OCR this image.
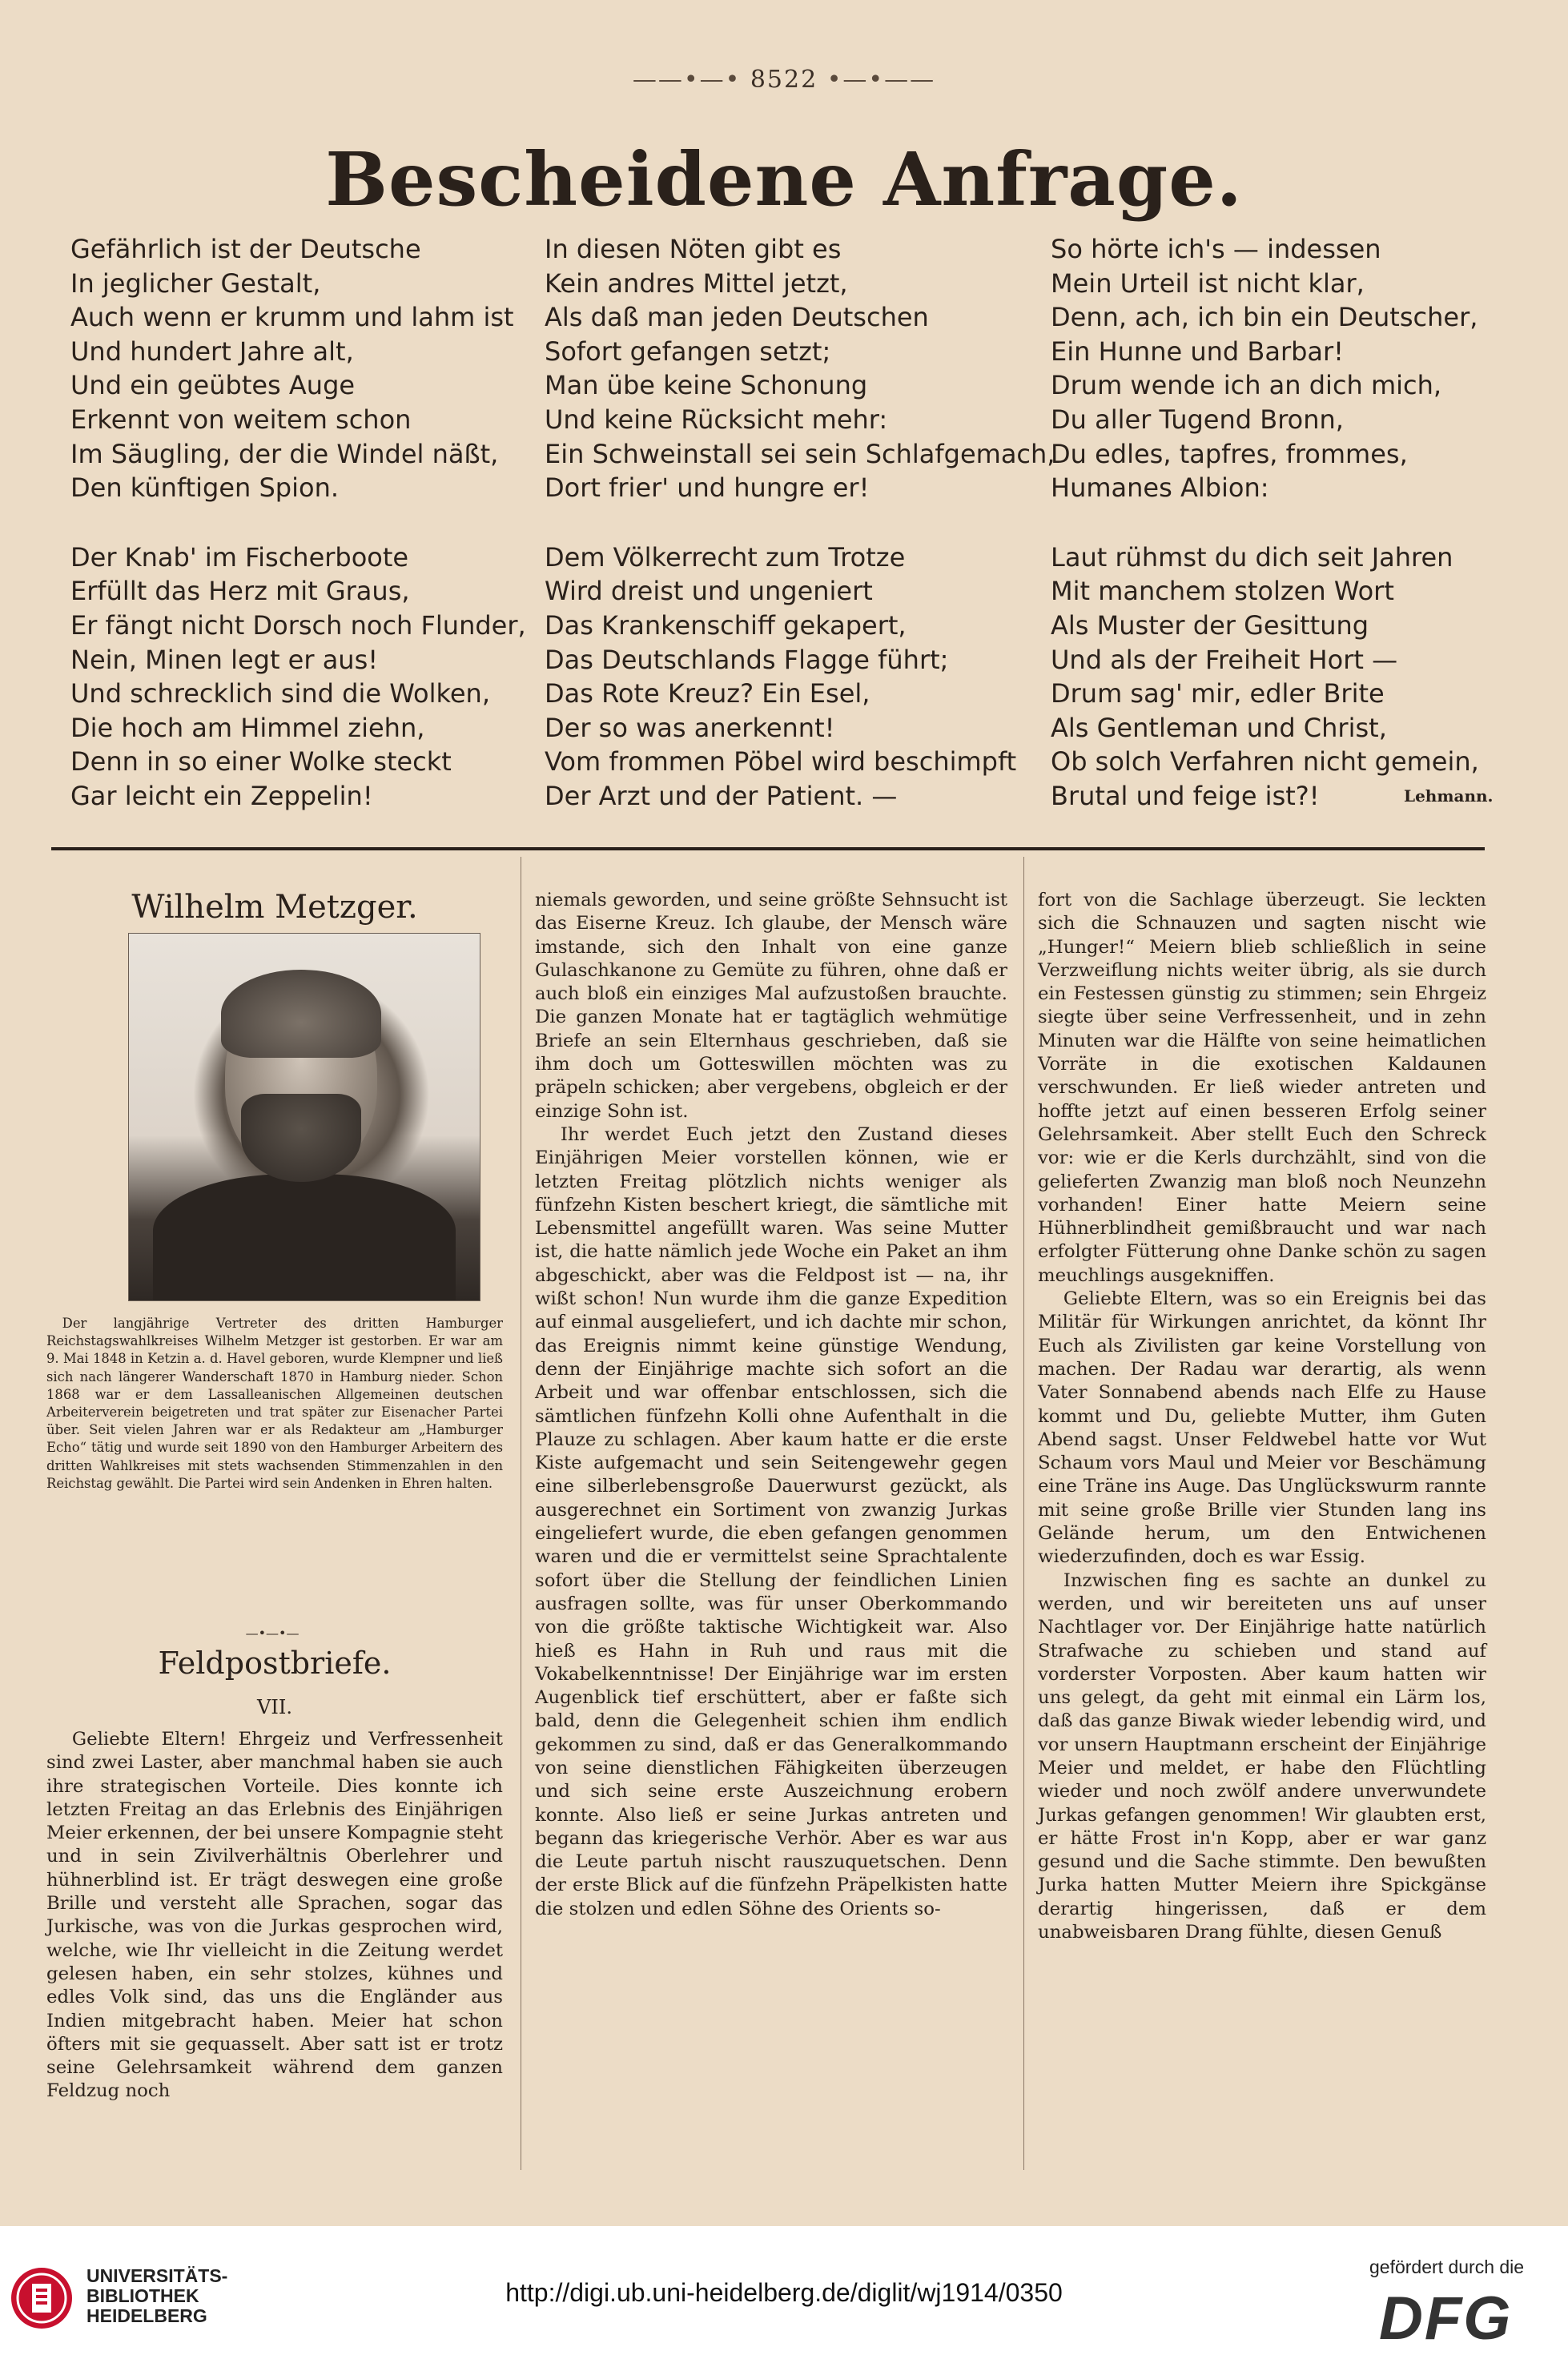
——•—• 8522 •—•——
Bescheidene Anfrage.
Gefährlich ist der Deutsche
In jeglicher Gestalt,
Auch wenn er krumm und lahm ist
Und hundert Jahre alt,
Und ein geübtes Auge
Erkennt von weitem schon
Im Säugling, der die Windel näßt,
Den künftigen Spion.
Der Knab' im Fischerboote
Erfüllt das Herz mit Graus,
Er fängt nicht Dorsch noch Flunder,
Nein, Minen legt er aus!
Und schrecklich sind die Wolken,
Die hoch am Himmel ziehn,
Denn in so einer Wolke steckt
Gar leicht ein Zeppelin!
In diesen Nöten gibt es
Kein andres Mittel jetzt,
Als daß man jeden Deutschen
Sofort gefangen setzt;
Man übe keine Schonung
Und keine Rücksicht mehr:
Ein Schweinstall sei sein Schlafgemach,
Dort frier' und hungre er!
Dem Völkerrecht zum Trotze
Wird dreist und ungeniert
Das Krankenschiff gekapert,
Das Deutschlands Flagge führt;
Das Rote Kreuz? Ein Esel,
Der so was anerkennt!
Vom frommen Pöbel wird beschimpft
Der Arzt und der Patient. —
So hörte ich's — indessen
Mein Urteil ist nicht klar,
Denn, ach, ich bin ein Deutscher,
Ein Hunne und Barbar!
Drum wende ich an dich mich,
Du aller Tugend Bronn,
Du edles, tapfres, frommes,
Humanes Albion:
Laut rühmst du dich seit Jahren
Mit manchem stolzen Wort
Als Muster der Gesittung
Und als der Freiheit Hort —
Drum sag' mir, edler Brite
Als Gentleman und Christ,
Ob solch Verfahren nicht gemein,
Brutal und feige ist?!	Lehmann.
Wilhelm Metzger.
Der langjährige Vertreter des dritten Hamburger Reichstagswahlkreises Wilhelm Metzger ist gestorben. Er war am 9. Mai 1848 in Ketzin a. d. Havel geboren, wurde Klempner und ließ sich nach längerer Wanderschaft 1870 in Hamburg nieder. Schon 1868 war er dem Lassalleanischen Allgemeinen deutschen Arbeiterverein beigetreten und trat später zur Eisenacher Partei über. Seit vielen Jahren war er als Redakteur am „Hamburger Echo“ tätig und wurde seit 1890 von den Hamburger Arbeitern des dritten Wahlkreises mit stets wachsenden Stimmenzahlen in den Reichstag gewählt. Die Partei wird sein Andenken in Ehren halten.
—•—•—
Feldpostbriefe.
VII.

Geliebte Eltern! Ehrgeiz und Verfressenheit sind zwei Laster, aber manchmal haben sie auch ihre strategischen Vorteile. Dies konnte ich letzten Freitag an das Erlebnis des Einjährigen Meier erkennen, der bei unsere Kompagnie steht und in sein Zivilverhältnis Oberlehrer und hühnerblind ist. Er trägt deswegen eine große Brille und versteht alle Sprachen, sogar das Jurkische, was von die Jurkas gesprochen wird, welche, wie Ihr vielleicht in die Zeitung werdet gelesen haben, ein sehr stolzes, kühnes und edles Volk sind, das uns die Engländer aus Indien mitgebracht haben. Meier hat schon öfters mit sie gequasselt. Aber satt ist er trotz seine Gelehrsamkeit während dem ganzen Feldzug noch

niemals geworden, und seine größte Sehnsucht ist das Eiserne Kreuz. Ich glaube, der Mensch wäre imstande, sich den Inhalt von eine ganze Gulaschkanone zu Gemüte zu führen, ohne daß er auch bloß ein einziges Mal aufzustoßen brauchte. Die ganzen Monate hat er tagtäglich wehmütige Briefe an sein Elternhaus geschrieben, daß sie ihm doch um Gotteswillen möchten was zu präpeln schicken; aber vergebens, obgleich er der einzige Sohn ist.

Ihr werdet Euch jetzt den Zustand dieses Einjährigen Meier vorstellen können, wie er letzten Freitag plötzlich nichts weniger als fünfzehn Kisten beschert kriegt, die sämtliche mit Lebensmittel angefüllt waren. Was seine Mutter ist, die hatte nämlich jede Woche ein Paket an ihm abgeschickt, aber was die Feldpost ist — na, ihr wißt schon! Nun wurde ihm die ganze Expedition auf einmal ausgeliefert, und ich dachte mir schon, das Ereignis nimmt keine günstige Wendung, denn der Einjährige machte sich sofort an die Arbeit und war offenbar entschlossen, sich die sämtlichen fünfzehn Kolli ohne Aufenthalt in die Plauze zu schlagen. Aber kaum hatte er die erste Kiste aufgemacht und sein Seitengewehr gegen eine silberlebensgroße Dauerwurst gezückt, als ausgerechnet ein Sortiment von zwanzig Jurkas eingeliefert wurde, die eben gefangen genommen waren und die er vermittelst seine Sprachtalente sofort über die Stellung der feindlichen Linien ausfragen sollte, was für unser Oberkommando von die größte taktische Wichtigkeit war. Also hieß es Hahn in Ruh und raus mit die Vokabelkenntnisse! Der Einjährige war im ersten Augenblick tief erschüttert, aber er faßte sich bald, denn die Gelegenheit schien ihm endlich gekommen zu sind, daß er das Generalkommando von seine dienstlichen Fähigkeiten überzeugen und sich seine erste Auszeichnung erobern konnte. Also ließ er seine Jurkas antreten und begann das kriegerische Verhör. Aber es war aus die Leute partuh nischt rauszuquetschen. Denn der erste Blick auf die fünfzehn Präpelkisten hatte die stolzen und edlen Söhne des Orients so-

fort von die Sachlage überzeugt. Sie leckten sich die Schnauzen und sagten nischt wie „Hunger!“ Meiern blieb schließlich in seine Verzweiflung nichts weiter übrig, als sie durch ein Festessen günstig zu stimmen; sein Ehrgeiz siegte über seine Verfressenheit, und in zehn Minuten war die Hälfte von seine heimatlichen Vorräte in die exotischen Kaldaunen verschwunden. Er ließ wieder antreten und hoffte jetzt auf einen besseren Erfolg seiner Gelehrsamkeit. Aber stellt Euch den Schreck vor: wie er die Kerls durchzählt, sind von die gelieferten Zwanzig man bloß noch Neunzehn vorhanden! Einer hatte Meiern seine Hühnerblindheit gemißbraucht und war nach erfolgter Fütterung ohne Danke schön zu sagen meuchlings ausgekniffen.

Geliebte Eltern, was so ein Ereignis bei das Militär für Wirkungen anrichtet, da könnt Ihr Euch als Zivilisten gar keine Vorstellung von machen. Der Radau war derartig, als wenn Vater Sonnabend abends nach Elfe zu Hause kommt und Du, geliebte Mutter, ihm Guten Abend sagst. Unser Feldwebel hatte vor Wut Schaum vors Maul und Meier vor Beschämung eine Träne ins Auge. Das Unglückswurm rannte mit seine große Brille vier Stunden lang ins Gelände herum, um den Entwichenen wiederzufinden, doch es war Essig.

Inzwischen fing es sachte an dunkel zu werden, und wir bereiteten uns auf unser Nachtlager vor. Der Einjährige hatte natürlich Strafwache zu schieben und stand auf vorderster Vorposten. Aber kaum hatten wir uns gelegt, da geht mit einmal ein Lärm los, daß das ganze Biwak wieder lebendig wird, und vor unsern Hauptmann erscheint der Einjährige Meier und meldet, er habe den Flüchtling wieder und noch zwölf andere unverwundete Jurkas gefangen genommen! Wir glaubten erst, er hätte Frost in'n Kopp, aber er war ganz gesund und die Sache stimmte. Den bewußten Jurka hatten Mutter Meiern ihre Spickgänse derartig hingerissen, daß er dem unabweisbaren Drang fühlte, diesen Genuß

UNIVERSITÄTS-
BIBLIOTHEK
HEIDELBERG
http://digi.ub.uni-heidelberg.de/diglit/wj1914/0350
gefördert durch die
DFG
